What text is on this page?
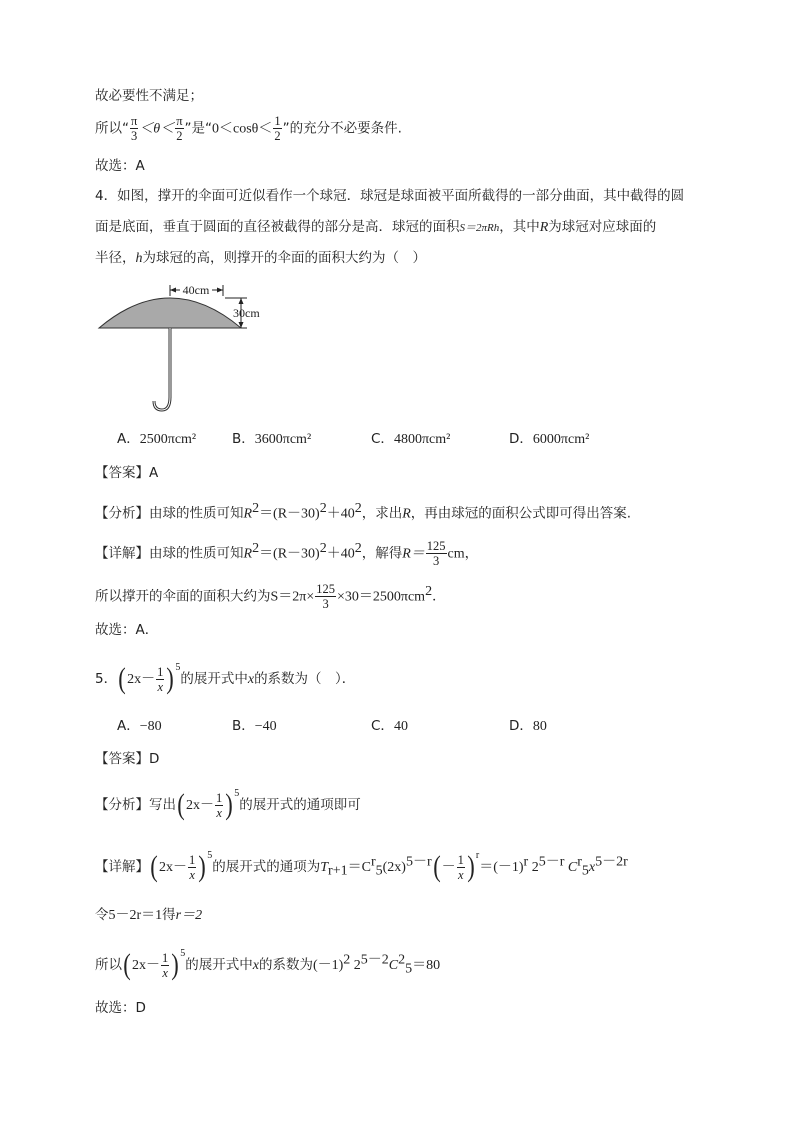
故必要性不满足；
所以“ $\frac{\pi}{3} <\theta< \frac{\pi}{2}$ ”是“$0<\cos\theta< \frac{1}{2}$ ”的充分不必要条件.
故选：A
4．如图，撑开的伞面可近似看作一个球冠．球冠是球面被平面所截得的一部分曲面，其中截得的圆
面是底面，垂直于圆面的直径被截得的部分是高．球冠的面积S＝2πRh，其中R为球冠对应球面的
半径，h为球冠的高，则撑开的伞面的面积大约为（　）
40cm
30cm
A．2500πcm²	B．3600πcm²	C．4800πcm²	D．6000πcm²
【答案】A
【分析】由球的性质可知$R^2=(R-30)^2+40^2$，求出R，再由球冠的面积公式即可得出答案.
【详解】由球的性质可知$R^2=(R-30)^2+40^2$，解得$R= \frac{125}{3}$ cm，
所以撑开的伞面的面积大约为$S=2\pi\times \frac{125}{3} \times 30=2500\pi cm^2$．
故选：A．
5．$(2x- \frac{1}{x} )^5$的展开式中x的系数为（　）．
A．−80	B．−40	C．40	D．80
【答案】D
【分析】写出$(2x- \frac{1}{x} )^5$的展开式的通项即可
【详解】$(2x- \frac{1}{x} )^5$的展开式的通项为$T_{r+1}=C^r_5(2x)^{5-r}(- \frac{1}{x} )^r=(-1)^r$ $2^{5-r}$ $C^r_5x^{5-2r}$
令5－2r＝1得r＝2
所以$(2x- \frac{1}{x} )^5$的展开式中x的系数为$(-1)^2$ $2^{5-2}C^2_5=80$
故选：D
